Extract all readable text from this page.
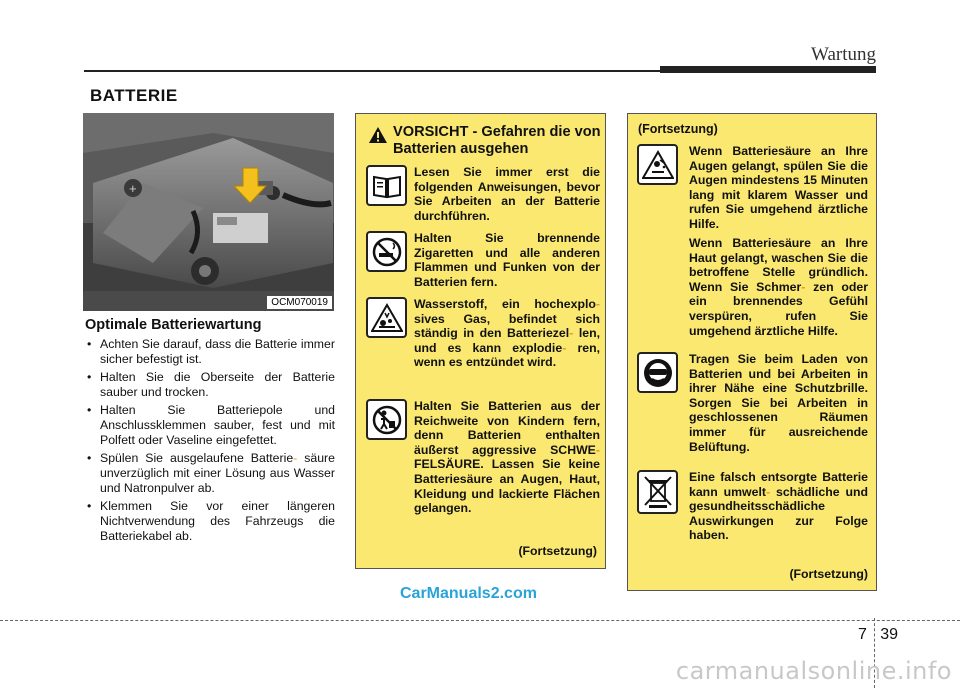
Wartung
BATTERIE
+
OCM070019
Optimale Batteriewartung
• Achten Sie darauf, dass die Batterie immer sicher befestigt ist.
• Halten Sie die Oberseite der Batterie sauber und trocken.
• Halten Sie Batteriepole und Anschlussklemmen sauber, fest und mit Polfett oder Vaseline eingefettet.
• Spülen Sie ausgelaufene Batterie- säure unverzüglich mit einer Lösung aus Wasser und Natronpulver ab.
• Klemmen Sie vor einer längeren Nichtverwendung des Fahrzeugs die Batteriekabel ab.
VORSICHT - Gefahren die von Batterien ausgehen
Lesen Sie immer erst die folgenden Anweisungen, bevor Sie Arbeiten an der Batterie durchführen.
Halten Sie brennende Zigaretten und alle anderen Flammen und Funken von der Batterien fern.
Wasserstoff, ein hochexplo- sives Gas, befindet sich ständig in den Batteriezel- len, und es kann explodie- ren, wenn es entzündet wird.
Halten Sie Batterien aus der Reichweite von Kindern fern, denn Batterien enthalten äußerst aggressive SCHWE- FELSÄURE. Lassen Sie keine Batteriesäure an Augen, Haut, Kleidung und lackierte Flächen gelangen.
(Fortsetzung)
(Fortsetzung)
Wenn Batteriesäure an Ihre Augen gelangt, spülen Sie die Augen mindestens 15 Minuten lang mit klarem Wasser und rufen Sie umgehend ärztliche Hilfe.
Wenn Batteriesäure an Ihre Haut gelangt, waschen Sie die betroffene Stelle gründlich. Wenn Sie Schmer- zen oder ein brennendes Gefühl verspüren, rufen Sie umgehend ärztliche Hilfe.
Tragen Sie beim Laden von Batterien und bei Arbeiten in ihrer Nähe eine Schutzbrille. Sorgen Sie bei Arbeiten in geschlossenen Räumen immer für ausreichende Belüftung.
Eine falsch entsorgte Batterie kann umwelt- schädliche und gesundheitsschädliche Auswirkungen zur Folge haben.
(Fortsetzung)
CarManuals2.com
7 39
carmanualsonline.info
